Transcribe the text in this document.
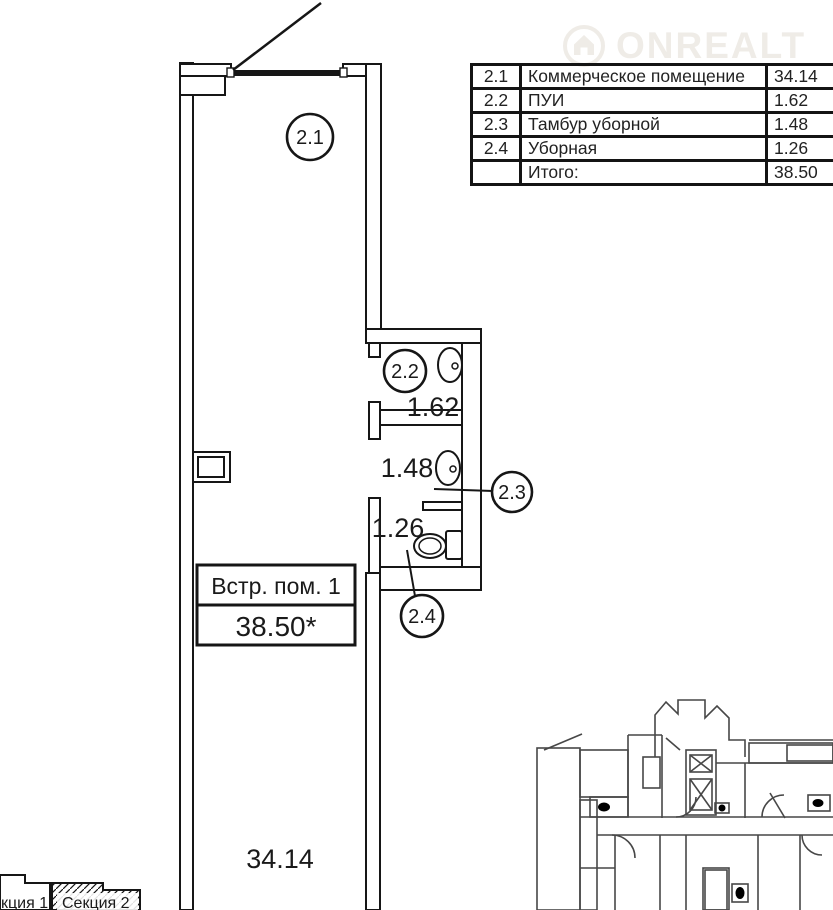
ONREALT
2.1	Коммерческое помещение	34.14
2.2	ПУИ	1.62
2.3	Тамбур уборной	1.48
2.4	Уборная	1.26
	Итого:	38.50
2.1
2.2
2.3
2.4
1.62
1.48
1.26
34.14
Встр. пом. 1
38.50*
кция 1 Секция 2
